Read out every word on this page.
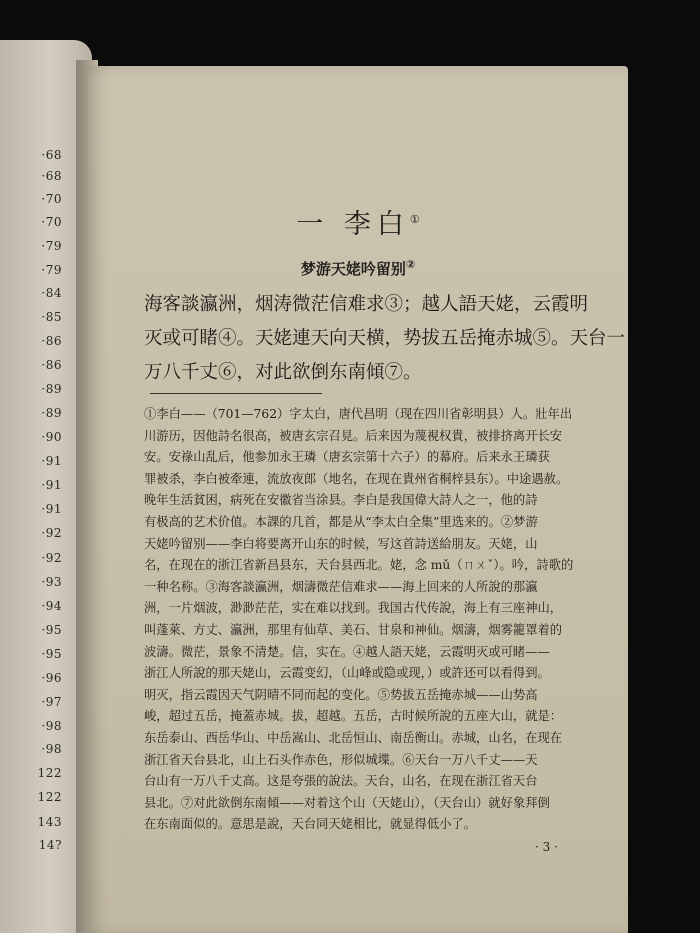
·68
·68
·70
·70
·79
·79
·84
·85
·86
·86
·89
·89
·90
·91
·91
·91
·92
·92
·93
·94
·95
·95
·96
·97
·98
·98
122
122
143
14?
一 李白①
梦游天姥吟留别②
海客談瀛洲，烟涛微茫信难求③；越人語天姥，云霞明
灭或可睹④。天姥連天向天横，势拔五岳掩赤城⑤。天台一
万八千丈⑥，对此欲倒东南傾⑦。
①李白——（701—762）字太白，唐代昌明（现在四川省彰明县）人。壯年出
川游历，因他詩名很高，被唐玄宗召見。后来因为蔑視权貴，被排挤离开长安
安。安祿山乱后，他参加永王璘（唐玄宗第十六子）的幕府。后来永王璘获
罪被杀，李白被牽連，流放夜郎（地名，在现在貴州省桐梓县东）。中途遇赦。
晚年生活貧困，病死在安徽省当涂县。李白是我国偉大詩人之一，他的詩
有极高的艺术价值。本課的几首，都是从“李太白全集”里选来的。②梦游
天姥吟留别——李白将要离开山东的时候，写这首詩送給朋友。天姥，山
名，在现在的浙江省新昌县东，天台县西北。姥，念 mǔ（ㄇㄨˇ）。吟，詩歌的
一种名称。③海客談瀛洲，烟濤微茫信难求——海上回来的人所說的那瀛
洲，一片烟波，渺渺茫茫，实在难以找到。我国古代传說，海上有三座神山，
叫蓬萊、方丈、瀛洲，那里有仙草、美石、甘泉和神仙。烟濤，烟雾籠罩着的
波濤。微茫，景象不清楚。信，实在。④越人語天姥，云霞明灭或可睹——
浙江人所說的那天姥山，云霞变幻，（山峰或隐或现，）或許还可以看得到。
明灭，指云霞因天气阴晴不同而起的变化。⑤势拔五岳掩赤城——山势高
峻，超过五岳，掩蓋赤城。拔，超越。五岳，古时候所說的五座大山，就是：
东岳泰山、西岳华山、中岳嵩山、北岳恒山、南岳衡山。赤城，山名，在现在
浙江省天台县北，山上石头作赤色，形似城堞。⑥天台一万八千丈——天
台山有一万八千丈高。这是夸張的說法。天台，山名，在现在浙江省天台
县北。⑦对此欲倒东南傾——对着这个山（天姥山），（天台山）就好象拜倒
在东南面似的。意思是說，天台同天姥相比，就显得低小了。
· 3 ·
